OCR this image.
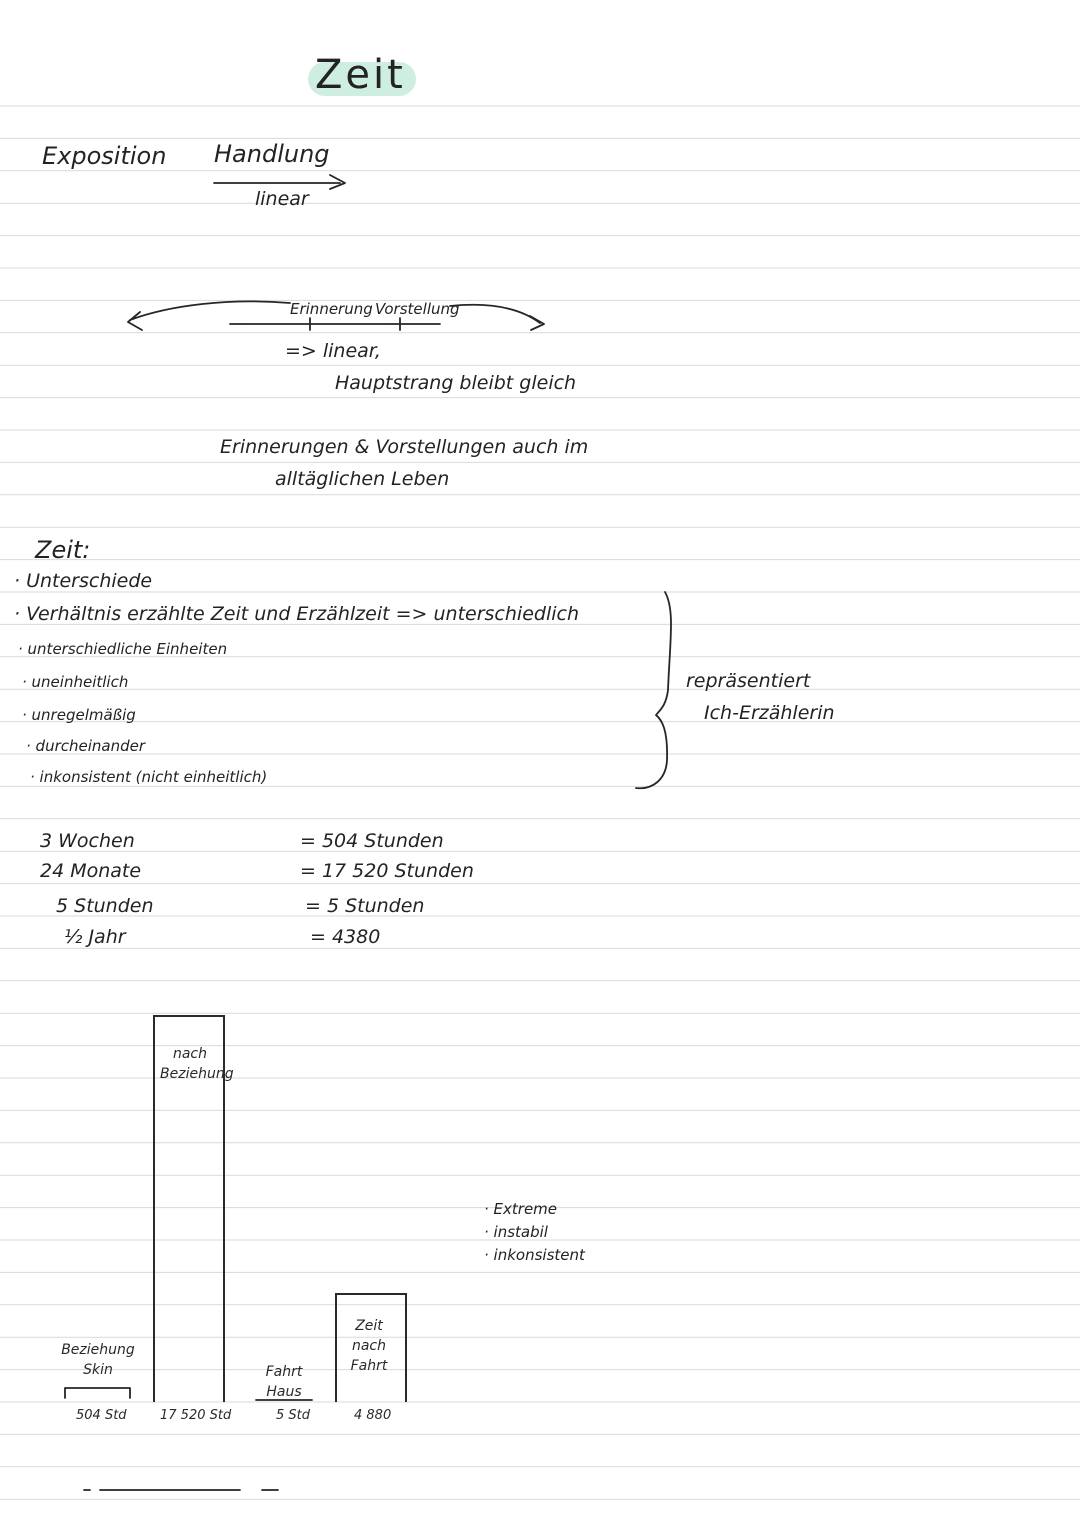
Zeit
Exposition Handlung
linear
Erinnerung Vorstellung
=> linear,
Hauptstrang bleibt gleich
Erinnerungen & Vorstellungen auch im
alltäglichen Leben
Zeit:
· Unterschiede
· Verhältnis erzählte Zeit und Erzählzeit => unterschiedlich
· unterschiedliche Einheiten
· uneinheitlich
· unregelmäßig
· durcheinander
· inkonsistent (nicht einheitlich)
repräsentiert
Ich-Erzählerin
3 Wochen	= 504 Stunden
24 Monate	= 17 520 Stunden
5 Stunden	= 5 Stunden
½ Jahr	= 4380
· Extreme
· instabil
· inkonsistent
Beziehung Skin
nach Beziehung
Fahrt Haus
Zeit nach Fahrt
504 Std	17 520 Std	5 Std	4 880
